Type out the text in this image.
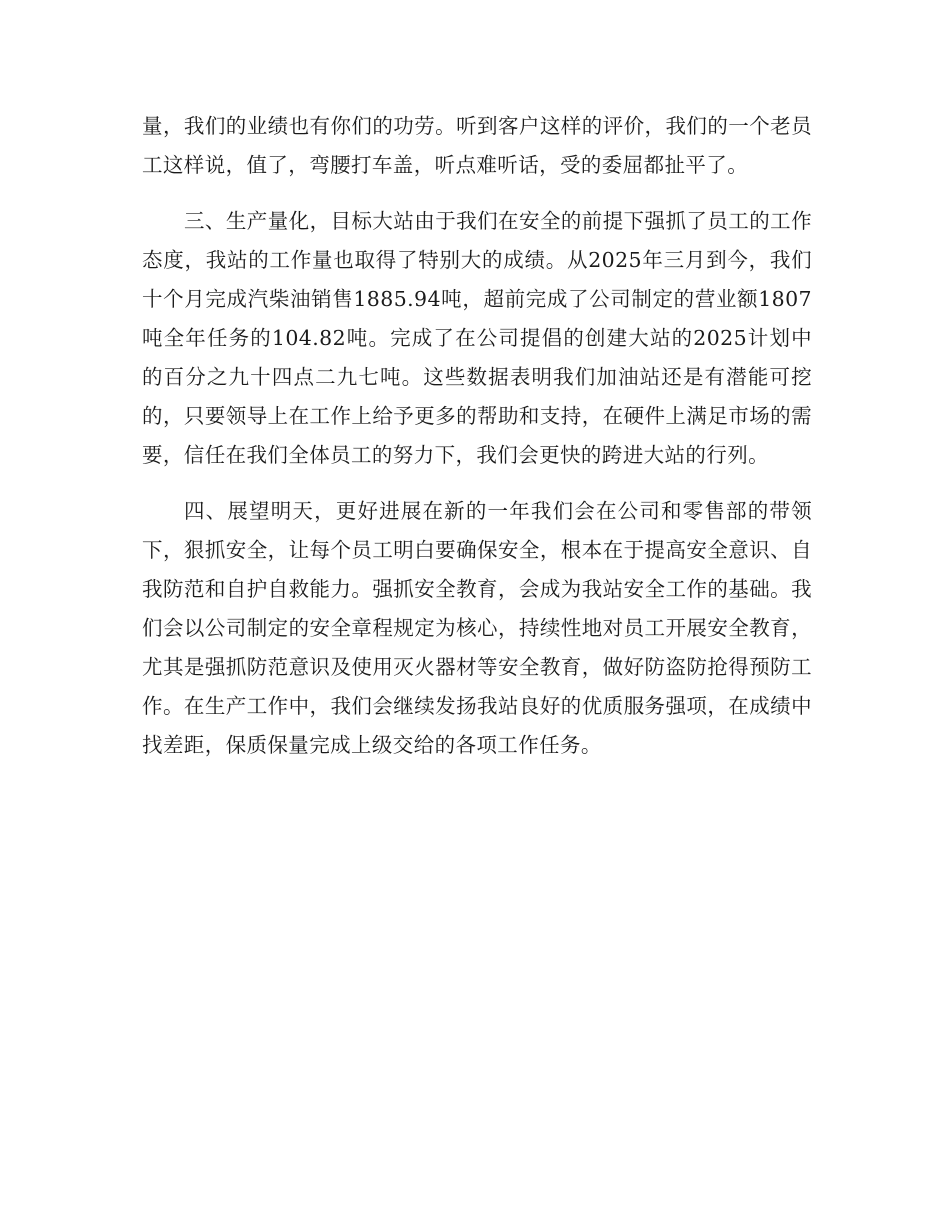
量，我们的业绩也有你们的功劳。听到客户这样的评价，我们的一个老员工这样说，值了，弯腰打车盖，听点难听话，受的委屈都扯平了。

三、生产量化，目标大站由于我们在安全的前提下强抓了员工的工作态度，我站的工作量也取得了特别大的成绩。从2025年三月到今，我们十个月完成汽柴油销售1885.94吨，超前完成了公司制定的营业额1807吨全年任务的104.82吨。完成了在公司提倡的创建大站的2025计划中的百分之九十四点二九七吨。这些数据表明我们加油站还是有潜能可挖的，只要领导上在工作上给予更多的帮助和支持，在硬件上满足市场的需要，信任在我们全体员工的努力下，我们会更快的跨进大站的行列。

四、展望明天，更好进展在新的一年我们会在公司和零售部的带领下，狠抓安全，让每个员工明白要确保安全，根本在于提高安全意识、自我防范和自护自救能力。强抓安全教育，会成为我站安全工作的基础。我们会以公司制定的安全章程规定为核心，持续性地对员工开展安全教育，尤其是强抓防范意识及使用灭火器材等安全教育，做好防盗防抢得预防工作。在生产工作中，我们会继续发扬我站良好的优质服务强项，在成绩中找差距，保质保量完成上级交给的各项工作任务。
